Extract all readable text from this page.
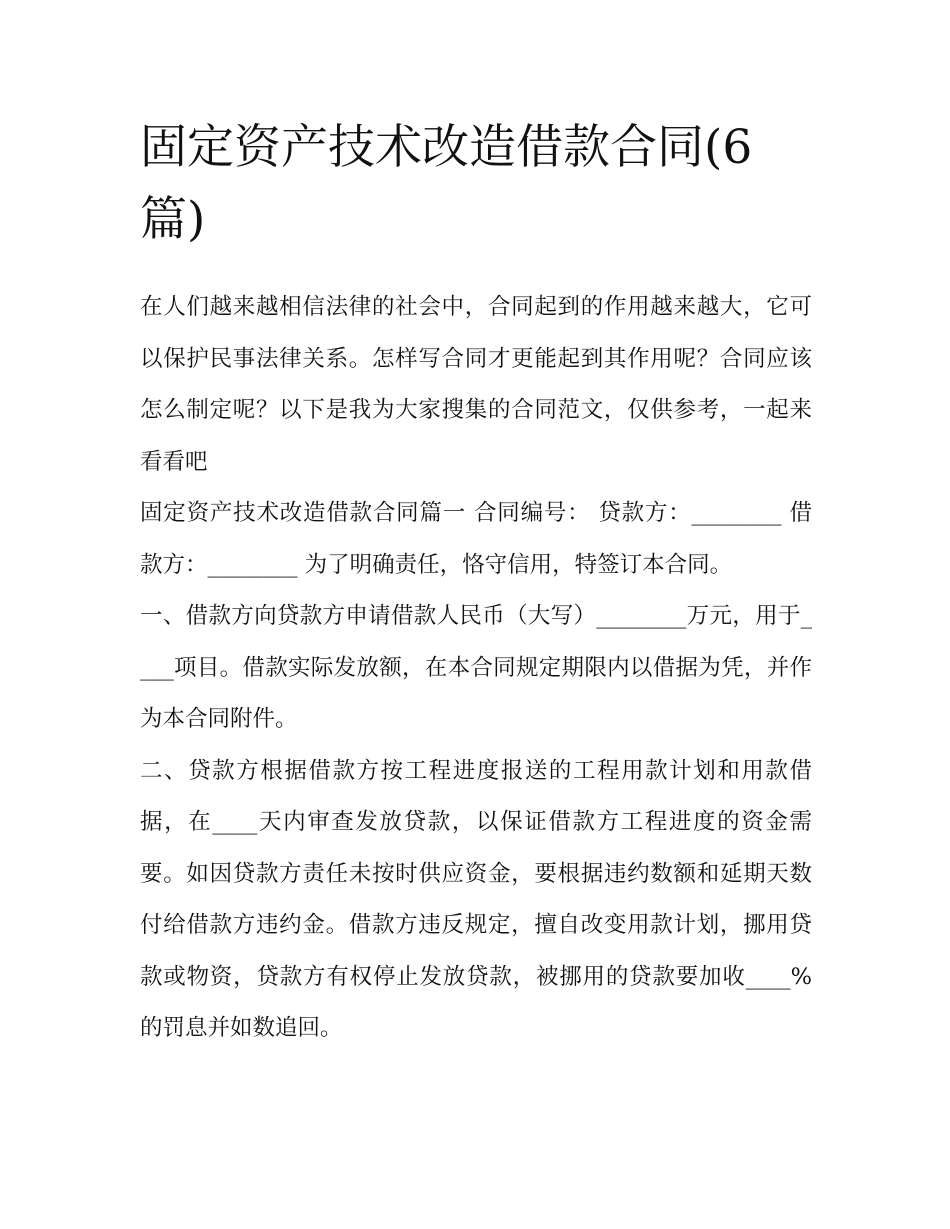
固定资产技术改造借款合同(6篇)

在人们越来越相信法律的社会中，合同起到的作用越来越大，它可以保护民事法律关系。怎样写合同才更能起到其作用呢？合同应该怎么制定呢？以下是我为大家搜集的合同范文，仅供参考，一起来看看吧

固定资产技术改造借款合同篇一 合同编号： 贷款方：________ 借款方：________ 为了明确责任，恪守信用，特签订本合同。

一、借款方向贷款方申请借款人民币（大写）________万元，用于____项目。借款实际发放额，在本合同规定期限内以借据为凭，并作为本合同附件。

二、贷款方根据借款方按工程进度报送的工程用款计划和用款借据，在____天内审查发放贷款，以保证借款方工程进度的资金需要。如因贷款方责任未按时供应资金，要根据违约数额和延期天数付给借款方违约金。借款方违反规定，擅自改变用款计划，挪用贷款或物资，贷款方有权停止发放贷款，被挪用的贷款要加收____%的罚息并如数追回。
